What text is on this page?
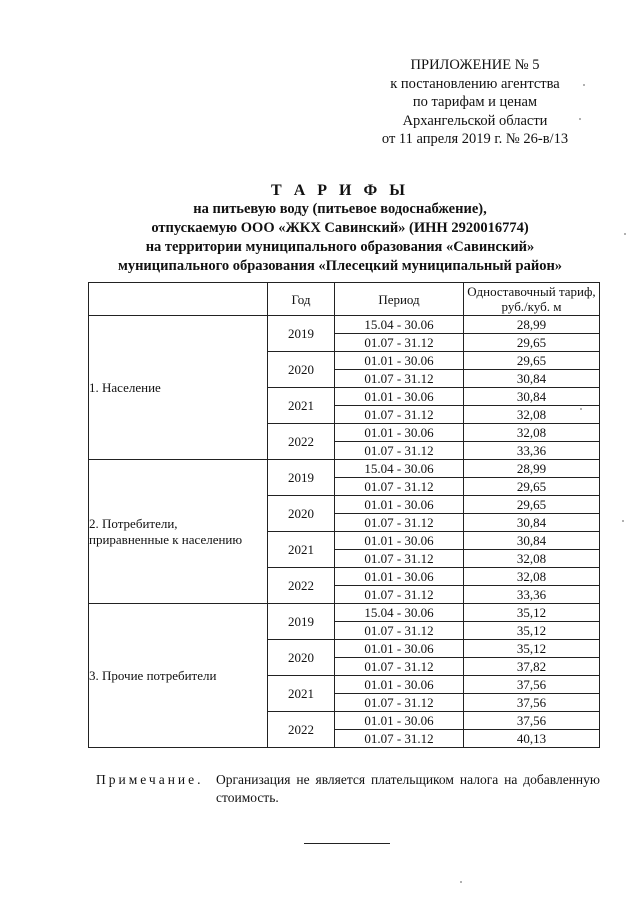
ПРИЛОЖЕНИЕ № 5
к постановлению агентства
по тарифам и ценам
Архангельской области
от 11 апреля 2019 г. № 26-в/13
Т А Р И Ф Ы
на питьевую воду (питьевое водоснабжение),
отпускаемую ООО «ЖКХ Савинский» (ИНН 2920016774)
на территории муниципального образования «Савинский»
муниципального образования «Плесецкий муниципальный район»
	Год	Период	Одноставочный тариф, руб./куб. м

1. Население	2019	15.04 - 30.06	28,99
		01.07 - 31.12	29,65
	2020	01.01 - 30.06	29,65
		01.07 - 31.12	30,84
	2021	01.01 - 30.06	30,84
		01.07 - 31.12	32,08
	2022	01.01 - 30.06	32,08
		01.07 - 31.12	33,36

2. Потребители,
приравненные к населению	2019	15.04 - 30.06	28,99
		01.07 - 31.12	29,65
	2020	01.01 - 30.06	29,65
		01.07 - 31.12	30,84
	2021	01.01 - 30.06	30,84
		01.07 - 31.12	32,08
	2022	01.01 - 30.06	32,08
		01.07 - 31.12	33,36

3. Прочие потребители	2019	15.04 - 30.06	35,12
		01.07 - 31.12	35,12
	2020	01.01 - 30.06	35,12
		01.07 - 31.12	37,82
	2021	01.01 - 30.06	37,56
		01.07 - 31.12	37,56
	2022	01.01 - 30.06	37,56
		01.07 - 31.12	40,13
Примечание. Организация не является плательщиком налога на добавленную стоимость.
